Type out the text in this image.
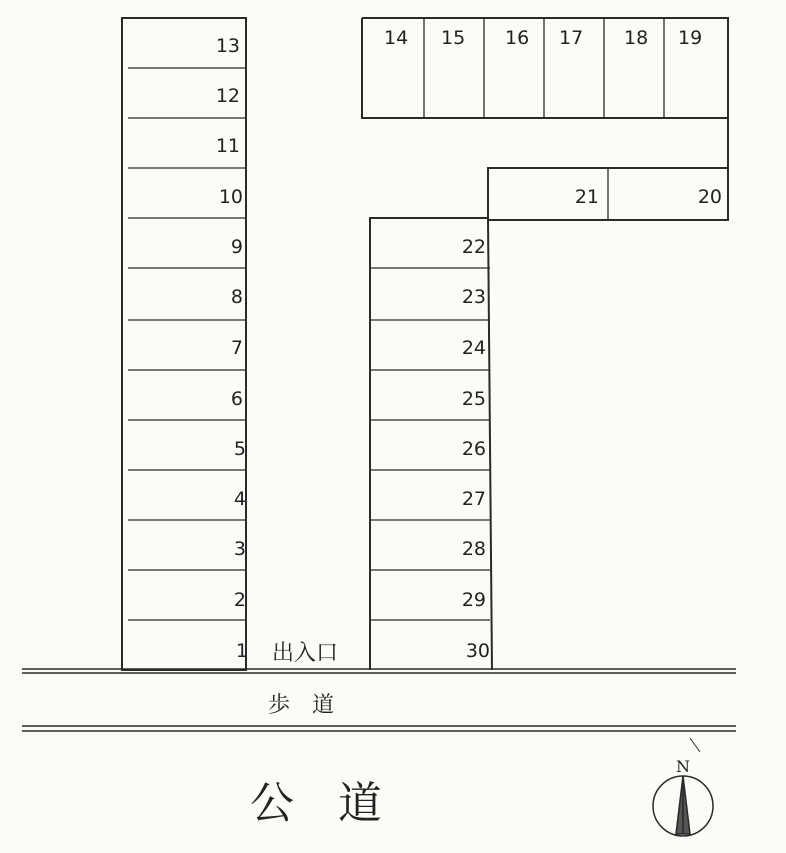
13
12
11
10
9
8
7
6
5
4
3
2
1
14 15 16 17 18 19
21	20
22
23
24
25
26
27
28
29
30
出入口
歩　道
公　道
N
